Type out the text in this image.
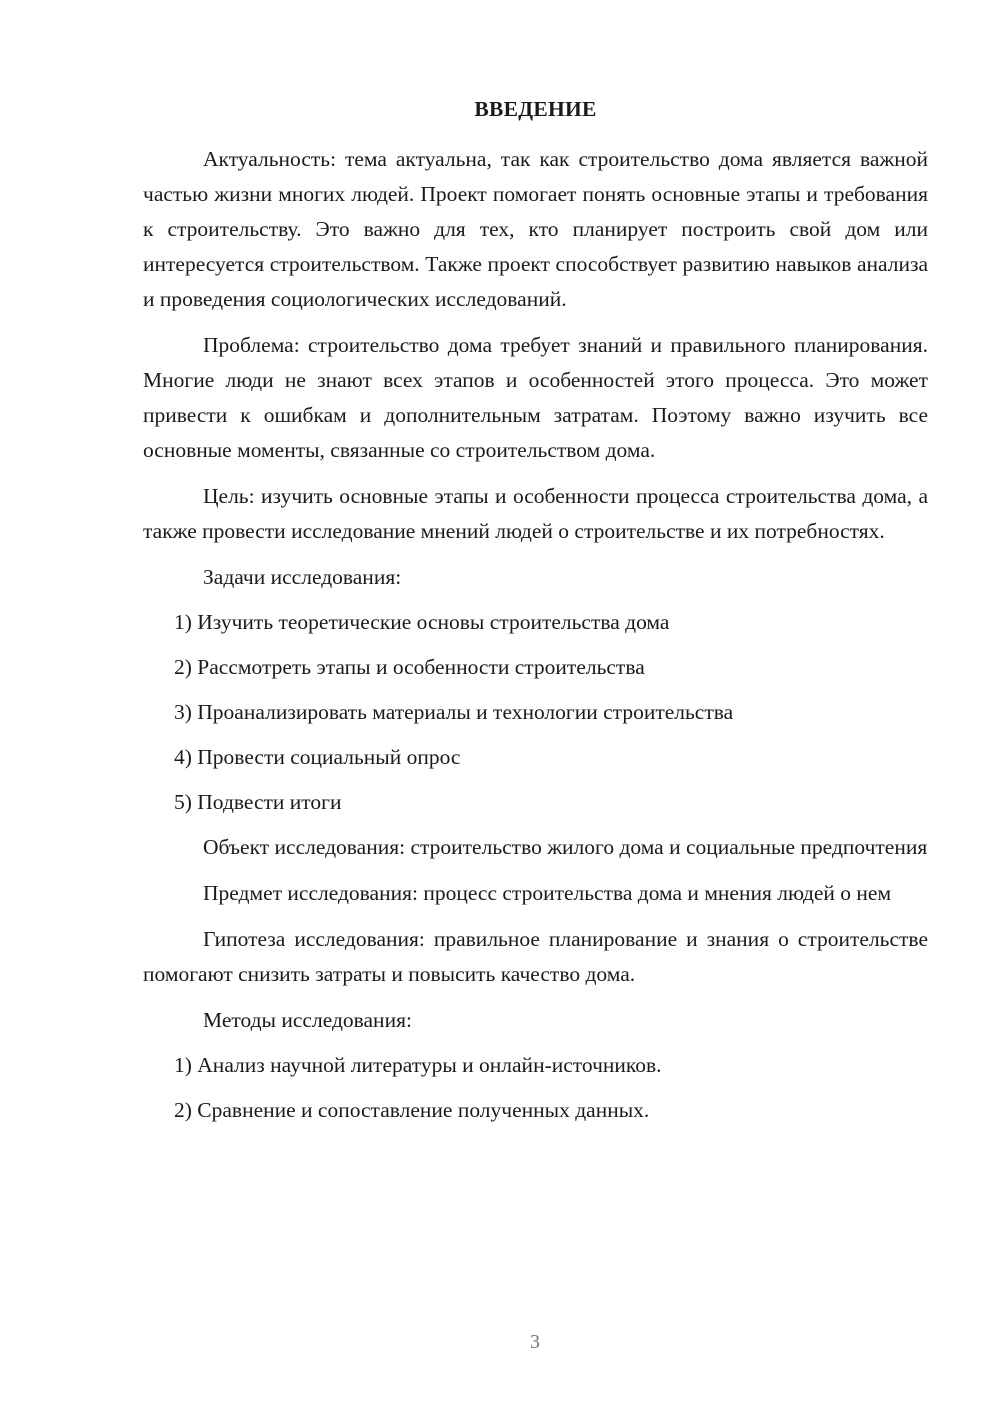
ВВЕДЕНИЕ

Актуальность: тема актуальна, так как строительство дома является важной частью жизни многих людей. Проект помогает понять основные этапы и требования к строительству. Это важно для тех, кто планирует построить свой дом или интересуется строительством. Также проект способствует развитию навыков анализа и проведения социологических исследований.

Проблема: строительство дома требует знаний и правильного планирования. Многие люди не знают всех этапов и особенностей этого процесса. Это может привести к ошибкам и дополнительным затратам. Поэтому важно изучить все основные моменты, связанные со строительством дома.

Цель: изучить основные этапы и особенности процесса строительства дома, а также провести исследование мнений людей о строительстве и их потребностях.

Задачи исследования:
1) Изучить теоретические основы строительства дома
2) Рассмотреть этапы и особенности строительства
3) Проанализировать материалы и технологии строительства
4) Провести социальный опрос
5) Подвести итоги

Объект исследования: строительство жилого дома и социальные предпочтения

Предмет исследования: процесс строительства дома и мнения людей о нем

Гипотеза исследования: правильное планирование и знания о строительстве помогают снизить затраты и повысить качество дома.

Методы исследования:
1) Анализ научной литературы и онлайн-источников.
2) Сравнение и сопоставление полученных данных.
3
